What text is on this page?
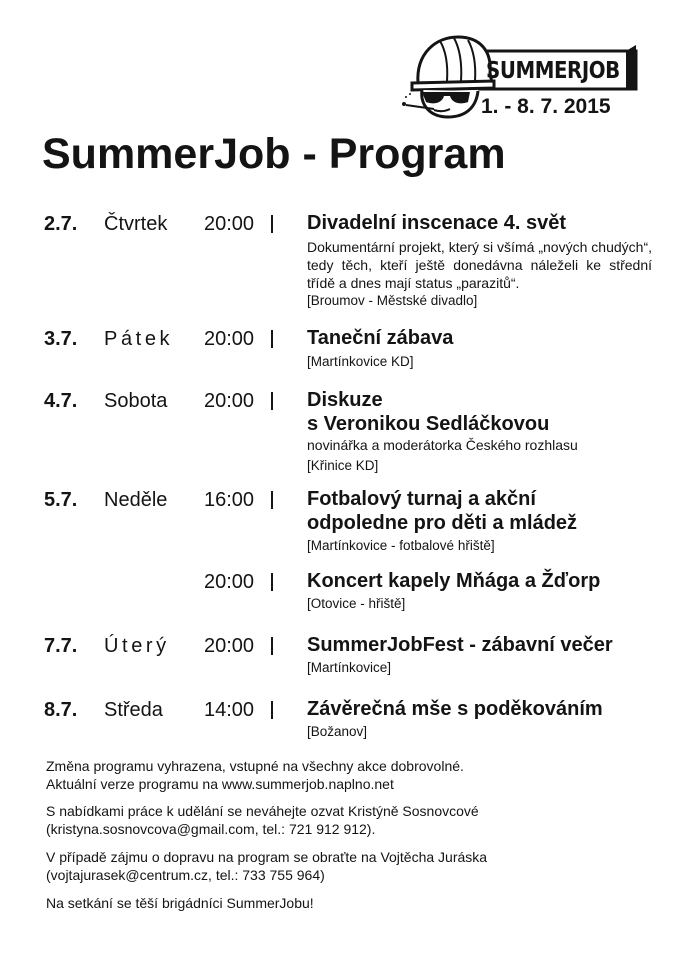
SUMMERJOB
1. - 8. 7. 2015
SummerJob - Program
2.7. Čtvrtek 20:00	Divadelní inscenace 4. svět
Dokumentární projekt, který si všímá „nových chudých“, tedy těch, kteří ještě donedávna náleželi ke střední třídě a dnes mají status „parazitů“.
[Broumov - Městské divadlo]
3.7. Pátek 20:00	Taneční zábava
[Martínkovice KD]
4.7. Sobota 20:00	Diskuze
s Veronikou Sedláčkovou
novinářka a moderátorka Českého rozhlasu
[Křinice KD]
5.7. Neděle 16:00	Fotbalový turnaj a akční
odpoledne pro děti a mládež
[Martínkovice - fotbalové hřiště]
20:00	Koncert kapely Mňága a Žďorp
[Otovice - hřiště]
7.7. Úterý 20:00	SummerJobFest - zábavní večer
[Martínkovice]
8.7. Středa 14:00	Závěrečná mše s poděkováním
[Božanov]

Změna programu vyhrazena, vstupné na všechny akce dobrovolné.
Aktuální verze programu na www.summerjob.naplno.net

S nabídkami práce k udělání se neváhejte ozvat Kristýně Sosnovcové
(kristyna.sosnovcova@gmail.com, tel.: 721 912 912).

V případě zájmu o dopravu na program se obraťte na Vojtěcha Juráska
(vojtajurasek@centrum.cz, tel.: 733 755 964)

Na setkání se těší brigádníci SummerJobu!
